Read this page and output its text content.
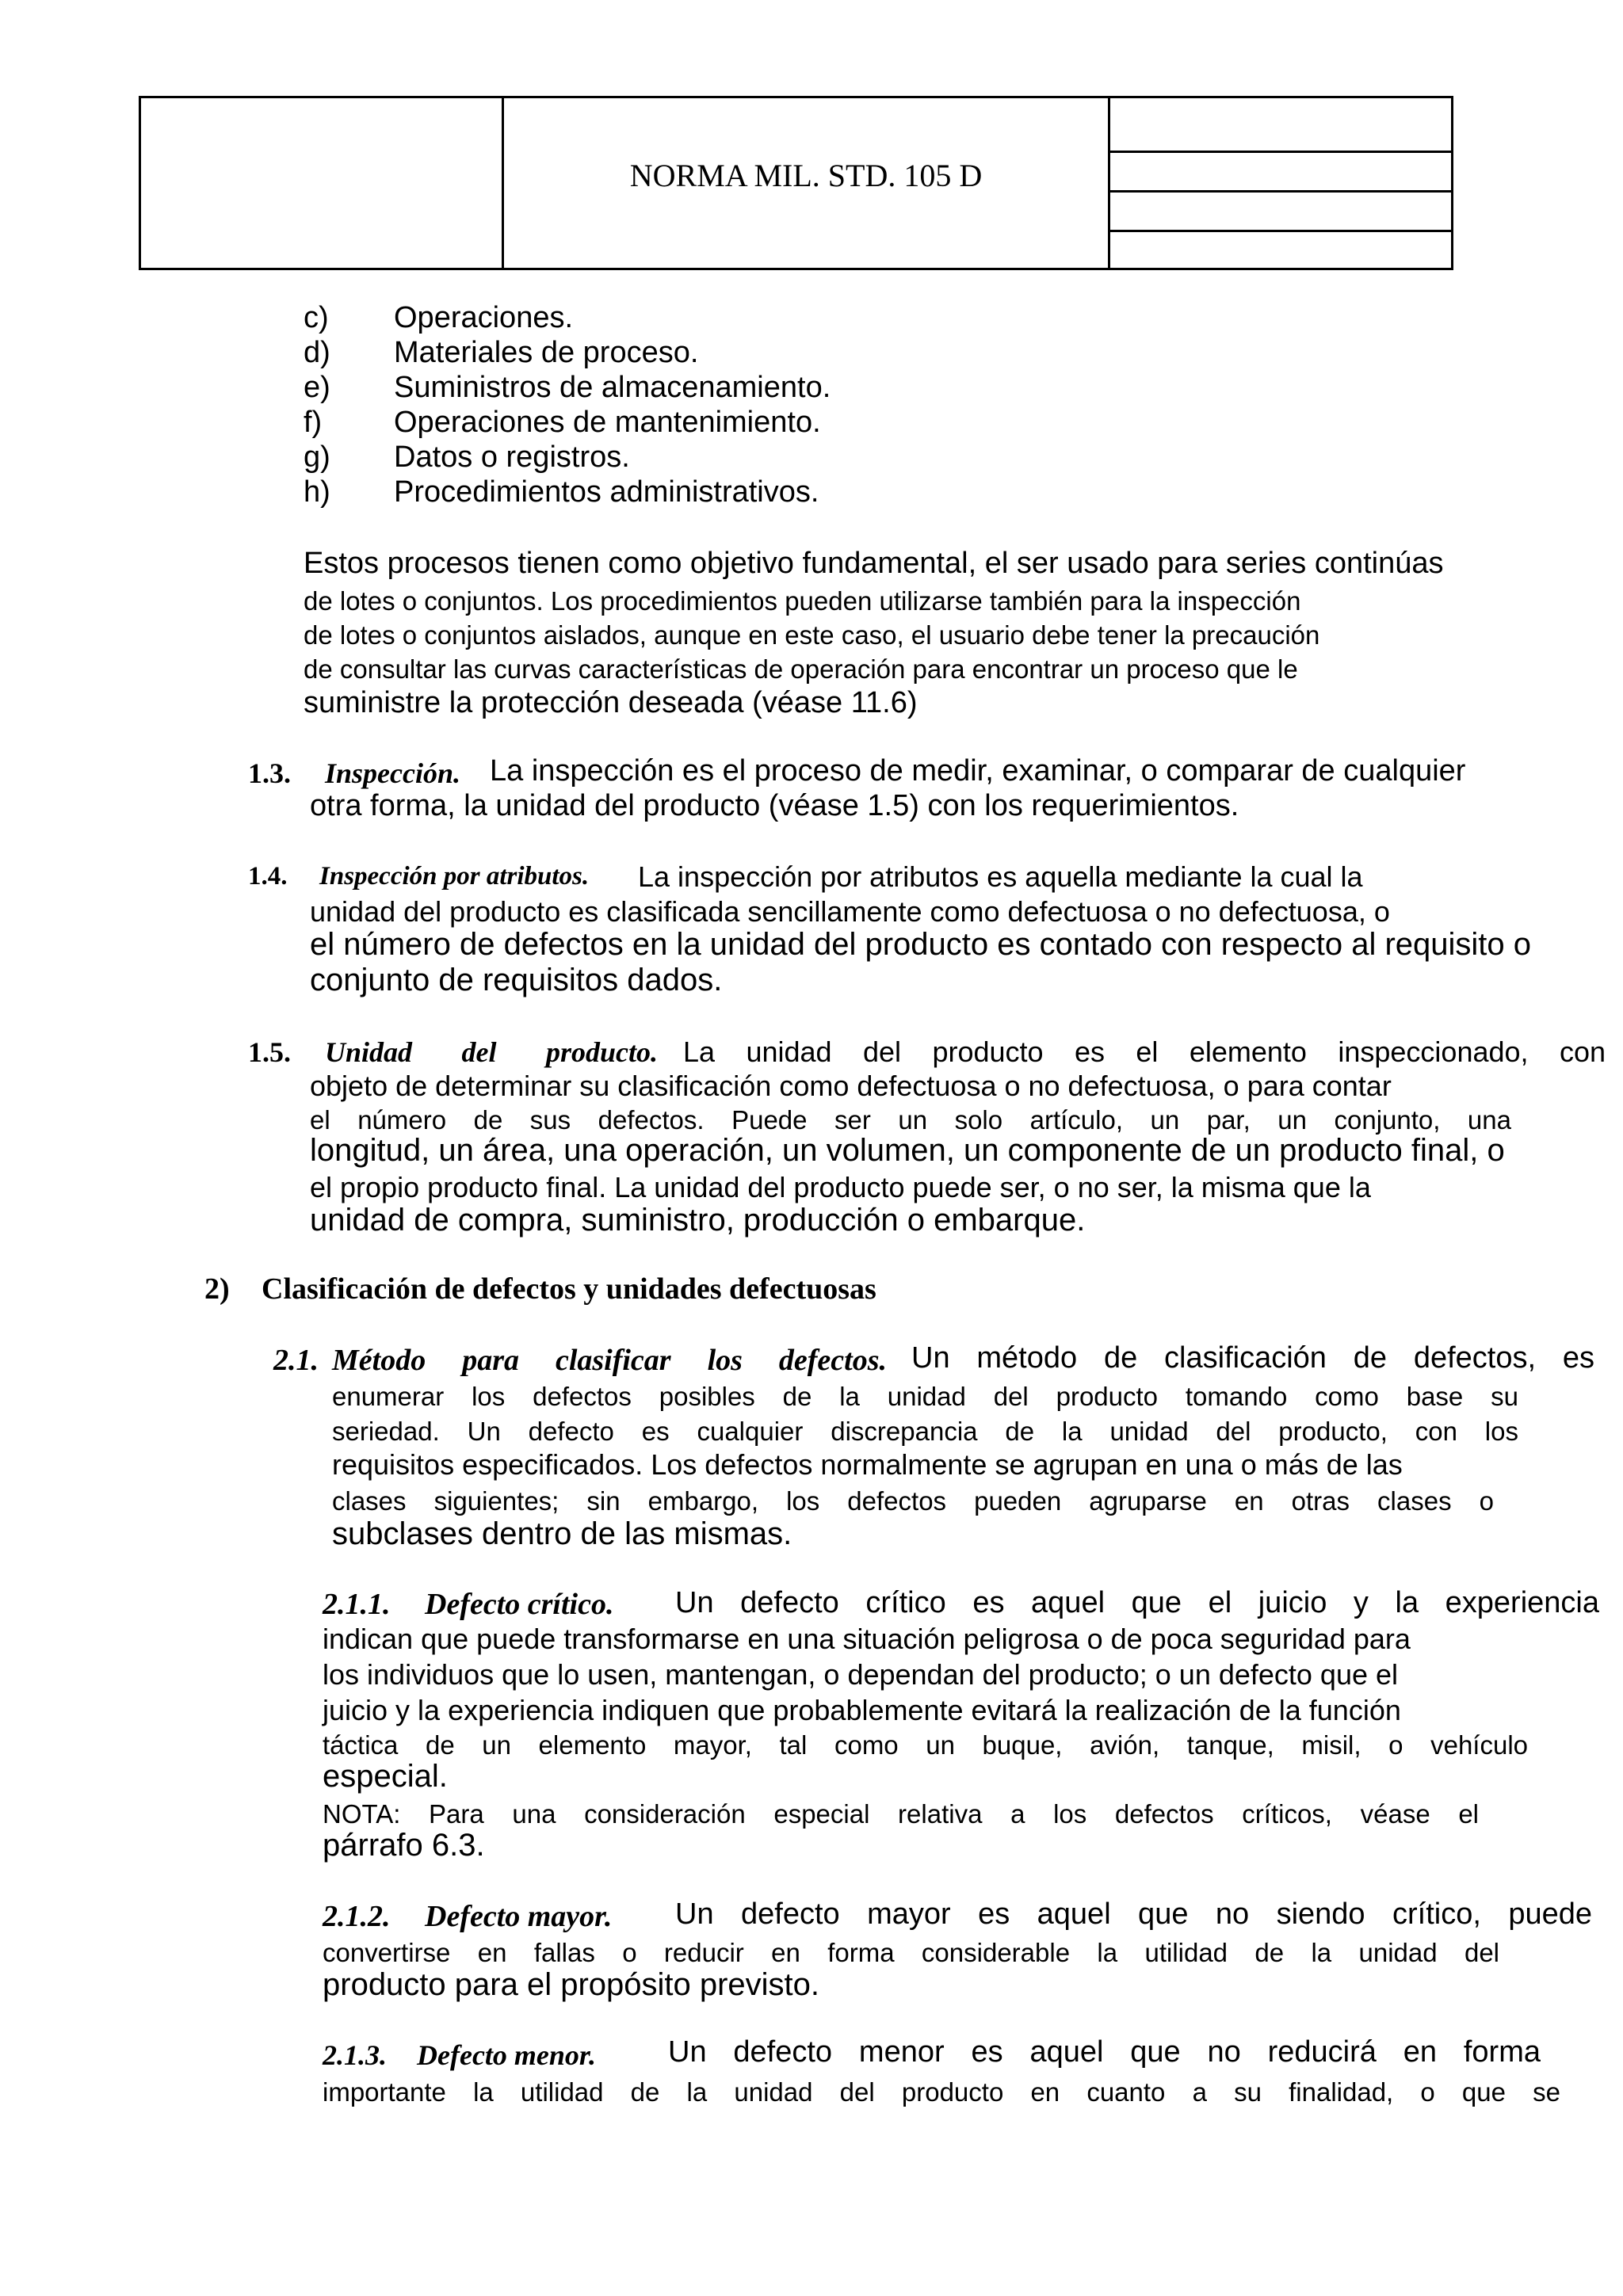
NORMA MIL. STD. 105 D
c) Operaciones.
d) Materiales de proceso.
e) Suministros de almacenamiento.
f) Operaciones de mantenimiento.
g) Datos o registros.
h) Procedimientos administrativos.
Estos procesos tienen como objetivo fundamental, el ser usado para series continúas
de lotes o conjuntos. Los procedimientos pueden utilizarse también para la inspección
de lotes o conjuntos aislados, aunque en este caso, el usuario debe tener la precaución
de consultar las curvas características de operación para encontrar un proceso que le
suministre la protección deseada (véase 11.6)
1.3. Inspección. La inspección es el proceso de medir, examinar, o comparar de cualquier
otra forma, la unidad del producto (véase 1.5) con los requerimientos.
1.4. Inspección por atributos. La inspección por atributos es aquella mediante la cual la
unidad del producto es clasificada sencillamente como defectuosa o no defectuosa, o
el número de defectos en la unidad del producto es contado con respecto al requisito o
conjunto de requisitos dados.
1.5. Unidad del producto. La unidad del producto es el elemento inspeccionado, con
objeto de determinar su clasificación como defectuosa o no defectuosa, o para contar
el número de sus defectos. Puede ser un solo artículo, un par, un conjunto, una
longitud, un área, una operación, un volumen, un componente de un producto final, o
el propio producto final. La unidad del producto puede ser, o no ser, la misma que la
unidad de compra, suministro, producción o embarque.
2) Clasificación de defectos y unidades defectuosas
2.1. Método para clasificar los defectos. Un método de clasificación de defectos, es
enumerar los defectos posibles de la unidad del producto tomando como base su
seriedad. Un defecto es cualquier discrepancia de la unidad del producto, con los
requisitos especificados. Los defectos normalmente se agrupan en una o más de las
clases siguientes; sin embargo, los defectos pueden agruparse en otras clases o
subclases dentro de las mismas.
2.1.1. Defecto crítico. Un defecto crítico es aquel que el juicio y la experiencia
indican que puede transformarse en una situación peligrosa o de poca seguridad para
los individuos que lo usen, mantengan, o dependan del producto; o un defecto que el
juicio y la experiencia indiquen que probablemente evitará la realización de la función
táctica de un elemento mayor, tal como un buque, avión, tanque, misil, o vehículo
especial.
NOTA: Para una consideración especial relativa a los defectos críticos, véase el
párrafo 6.3.
2.1.2. Defecto mayor. Un defecto mayor es aquel que no siendo crítico, puede
convertirse en fallas o reducir en forma considerable la utilidad de la unidad del
producto para el propósito previsto.
2.1.3. Defecto menor. Un defecto menor es aquel que no reducirá en forma
importante la utilidad de la unidad del producto en cuanto a su finalidad, o que se
